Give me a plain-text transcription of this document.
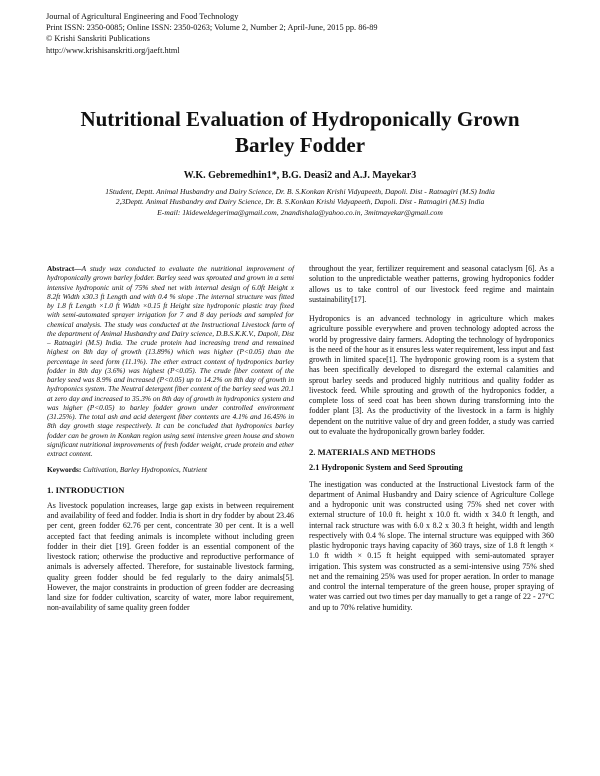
Journal of Agricultural Engineering and Food Technology
Print ISSN: 2350-0085; Online ISSN: 2350-0263; Volume 2, Number 2; April-June, 2015 pp. 86-89
© Krishi Sanskriti Publications
http://www.krishisanskriti.org/jaeft.html
Nutritional Evaluation of Hydroponically Grown Barley Fodder
W.K. Gebremedhin1*, B.G. Deasi2 and A.J. Mayekar3
1Student, Deptt. Animal Husbandry and Dairy Science, Dr. B. S.Konkan Krishi Vidyapeeth, Dapoli. Dist - Ratnagiri (M.S) India
2,3Deptt. Animal Husbandry and Dairy Science, Dr. B. S.Konkan Krishi Vidyapeeth, Dapoli. Dist - Ratnagiri (M.S) India
E-mail: 1kideweldegerima@gmail.com, 2nandishala@yahoo.co.in, 3mitmayekar@gmail.com

Abstract—A study wax conducted to evaluate the nutritional improvement of hydroponically grown barley fodder. Barley seed was sprouted and grown in a semi intensive hydroponic unit of 75% shed net with internal design of 6.0ft Height x 8.2ft Width x30.3 ft Length and with 0.4 % slope .The internal structure was fitted by 1.8 ft Length ×1.0 ft Width ×0.15 ft Height size hydroponic plastic tray fixed with semi-automated sprayer irrigation for 7 and 8 day periods and sampled for chemical analysis. The study was conducted at the Instructional Livestock farm of the department of Animal Husbandry and Dairy science, D.B.S.K.K.V., Dapoli, Dist – Ratnagiri (M.S) India. The crude protein had increasing trend and remained highest on 8th day of growth (13.89%) which was higher (P<0.05) than the percentage in seed form (11.1%). The ether extract content of hydroponics barley fodder in 8th day (3.6%) was highest (P<0.05). The crude fiber content of the barley seed was 8.9% and increased (P<0.05) up to 14.2% on 8th day of growth in hydroponics system. The Neutral detergent fiber content of the barley seed was 20.1 at zero day and increased to 35.3% on 8th day of growth in hydroponics system and was higher (P<0.05) to barley fodder grown under controlled environment (31.25%). The total ash and acid detergent fiber contents are 4.1% and 16.45% in 8th day growth stage respectively. It can be concluded that hydroponics barley fodder can be grown in Konkan region using semi intensive green house and shown significant nutritional improvements of fresh fodder weight, crude protein and ether extract content.

Keywords: Cultivation, Barley Hydroponics, Nutrient

1. INTRODUCTION

As livestock population increases, large gap exists in between requirement and availability of feed and fodder. India is short in dry fodder by about 23.46 per cent, green fodder 62.76 per cent, concentrate 30 per cent. It is a well accepted fact that feeding animals is incomplete without including green fodder in their diet [19]. Green fodder is an essential component of the livestock ration; otherwise the productive and reproductive performance of animals is adversely affected. Therefore, for sustainable livestock farming, quality green fodder should be fed regularly to the dairy animals[5]. However, the major constraints in production of green fodder are decreasing land size for fodder cultivation, scarcity of water, more labor requirement, non-availability of same quality green fodder

throughout the year, fertilizer requirement and seasonal cataclysm [6]. As a solution to the unpredictable weather patterns, growing hydroponics fodder allows us to take control of our livestock feed regime and maintain sustainability[17].

Hydroponics is an advanced technology in agriculture which makes agriculture possible everywhere and proven technology adopted across the world by progressive dairy farmers. Adopting the technology of hydroponics is the need of the hour as it ensures less water requirement, less input and fast growth in limited space[1]. The hydroponic growing room is a system that has been specifically developed to disregard the external calamities and sprout barley seeds and produced highly nutritious and quality fodder as livestock feed. While sprouting and growth of the hydroponics fodder, a complete loss of seed coat has been shown during transforming into the fodder plant [3]. As the productivity of the livestock in a farm is highly dependent on the nutritive value of dry and green fodder, a study was carried out to evaluate the hydroponically grown barley fodder.

2. MATERIALS AND METHODS
2.1 Hydroponic System and Seed Sprouting

The inestigation was conducted at the Instructional Livestock farm of the department of Animal Husbandry and Dairy science of Agriculture College and a hydroponic unit was constructed using 75% shed net cover with external structure of 10.0 ft. height x 10.0 ft. width x 34.0 ft length, and internal rack structure was with 6.0 x 8.2 x 30.3 ft height, width and length respectively with 0.4 % slope. The internal structure was equipped with 360 plastic hydroponic trays having capacity of 360 trays, size of 1.8 ft length × 1.0 ft width × 0.15 ft height equipped with semi-automated sprayer irrigation. This system was constructed as a semi-intensive using 75% shed net and the remaining 25% was used for proper aeration. In order to manage and control the internal temperature of the green house, proper spraying of water was carried out two times per day manually to get a range of 22 - 27°C and up to 70% relative humidity.
